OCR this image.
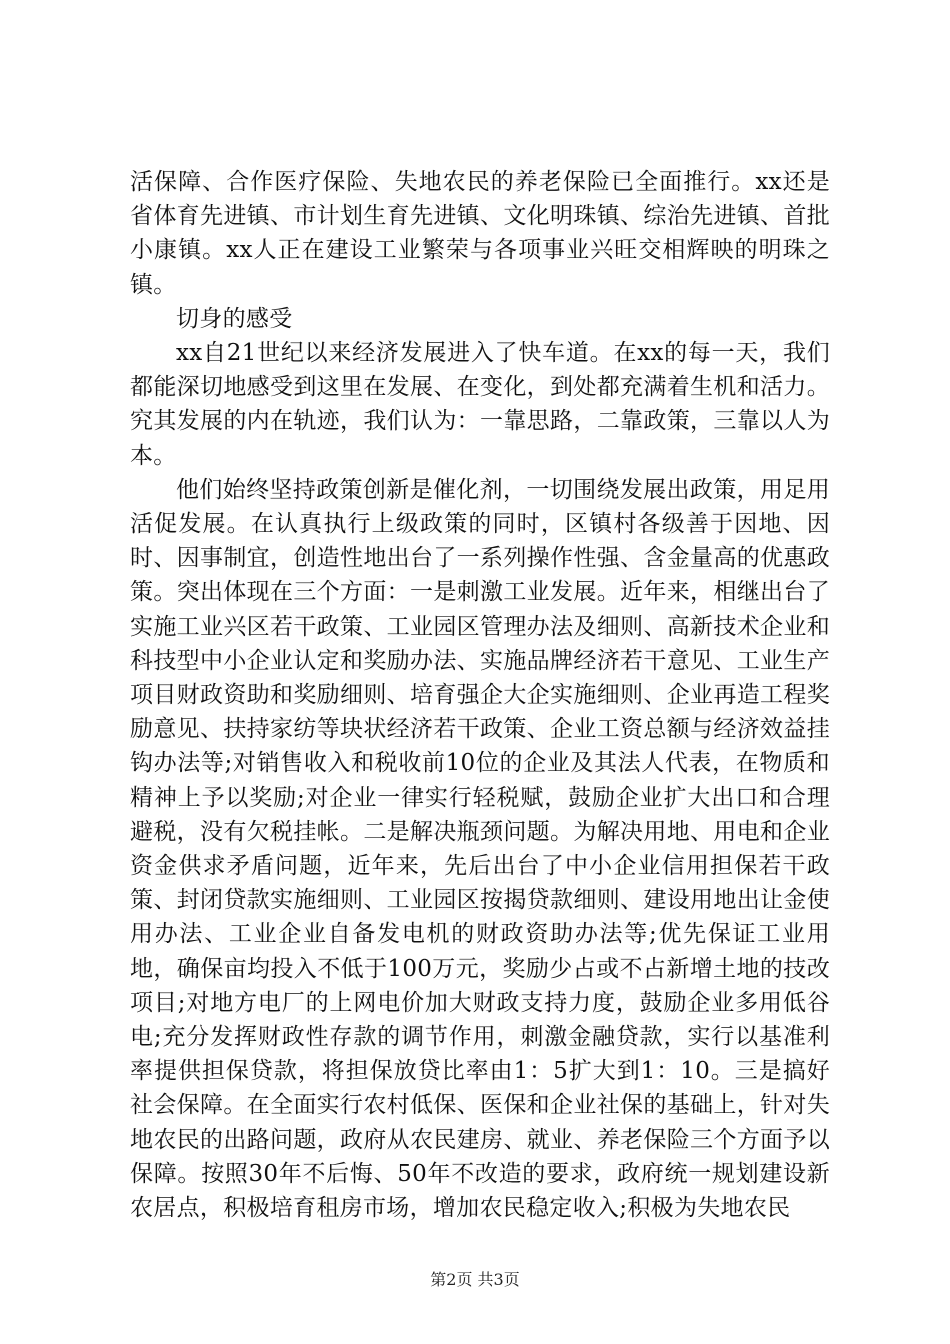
活保障、合作医疗保险、失地农民的养老保险已全面推行。xx还是省体育先进镇、市计划生育先进镇、文化明珠镇、综治先进镇、首批小康镇。xx人正在建设工业繁荣与各项事业兴旺交相辉映的明珠之镇。

切身的感受

xx自21世纪以来经济发展进入了快车道。在xx的每一天，我们都能深切地感受到这里在发展、在变化，到处都充满着生机和活力。究其发展的内在轨迹，我们认为：一靠思路，二靠政策，三靠以人为本。

他们始终坚持政策创新是催化剂，一切围绕发展出政策，用足用活促发展。在认真执行上级政策的同时，区镇村各级善于因地、因时、因事制宜，创造性地出台了一系列操作性强、含金量高的优惠政策。突出体现在三个方面：一是刺激工业发展。近年来，相继出台了实施工业兴区若干政策、工业园区管理办法及细则、高新技术企业和科技型中小企业认定和奖励办法、实施品牌经济若干意见、工业生产项目财政资助和奖励细则、培育强企大企实施细则、企业再造工程奖励意见、扶持家纺等块状经济若干政策、企业工资总额与经济效益挂钩办法等;对销售收入和税收前10位的企业及其法人代表，在物质和精神上予以奖励;对企业一律实行轻税赋，鼓励企业扩大出口和合理避税，没有欠税挂帐。二是解决瓶颈问题。为解决用地、用电和企业资金供求矛盾问题，近年来，先后出台了中小企业信用担保若干政策、封闭贷款实施细则、工业园区按揭贷款细则、建设用地出让金使用办法、工业企业自备发电机的财政资助办法等;优先保证工业用地，确保亩均投入不低于100万元，奖励少占或不占新增土地的技改项目;对地方电厂的上网电价加大财政支持力度，鼓励企业多用低谷电;充分发挥财政性存款的调节作用，刺激金融贷款，实行以基准利率提供担保贷款，将担保放贷比率由1：5扩大到1：10。三是搞好社会保障。在全面实行农村低保、医保和企业社保的基础上，针对失地农民的出路问题，政府从农民建房、就业、养老保险三个方面予以保障。按照30年不后悔、50年不改造的要求，政府统一规划建设新农居点，积极培育租房市场，增加农民稳定收入;积极为失地农民

第2页 共3页
